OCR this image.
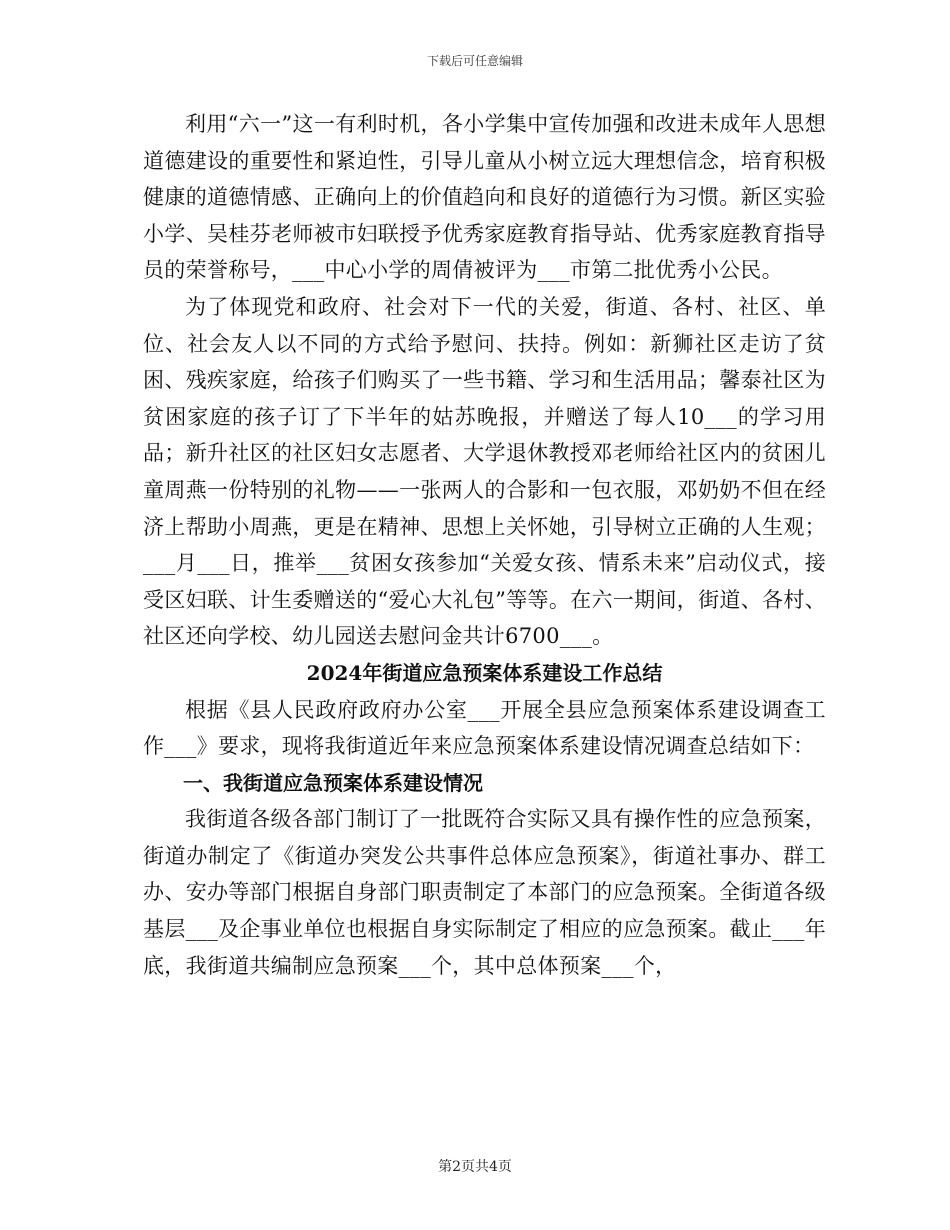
下载后可任意编辑

利用“六一”这一有利时机，各小学集中宣传加强和改进未成年人思想道德建设的重要性和紧迫性，引导儿童从小树立远大理想信念，培育积极健康的道德情感、正确向上的价值趋向和良好的道德行为习惯。新区实验小学、吴桂芬老师被市妇联授予优秀家庭教育指导站、优秀家庭教育指导员的荣誉称号，___中心小学的周倩被评为___市第二批优秀小公民。

为了体现党和政府、社会对下一代的关爱，街道、各村、社区、单位、社会友人以不同的方式给予慰问、扶持。例如：新狮社区走访了贫困、残疾家庭，给孩子们购买了一些书籍、学习和生活用品；馨泰社区为贫困家庭的孩子订了下半年的姑苏晚报，并赠送了每人10___的学习用品；新升社区的社区妇女志愿者、大学退休教授邓老师给社区内的贫困儿童周燕一份特别的礼物——一张两人的合影和一包衣服，邓奶奶不但在经济上帮助小周燕，更是在精神、思想上关怀她，引导树立正确的人生观；___月___日，推举___贫困女孩参加“关爱女孩、情系未来”启动仪式，接受区妇联、计生委赠送的“爱心大礼包”等等。在六一期间，街道、各村、社区还向学校、幼儿园送去慰问金共计6700___。

2024年街道应急预案体系建设工作总结

根据《县人民政府政府办公室___开展全县应急预案体系建设调查工作___》要求，现将我街道近年来应急预案体系建设情况调查总结如下：

一、我街道应急预案体系建设情况

我街道各级各部门制订了一批既符合实际又具有操作性的应急预案，街道办制定了《街道办突发公共事件总体应急预案》，街道社事办、群工办、安办等部门根据自身部门职责制定了本部门的应急预案。全街道各级基层___及企事业单位也根据自身实际制定了相应的应急预案。截止___年底，我街道共编制应急预案___个，其中总体预案___个，

第2页共4页
